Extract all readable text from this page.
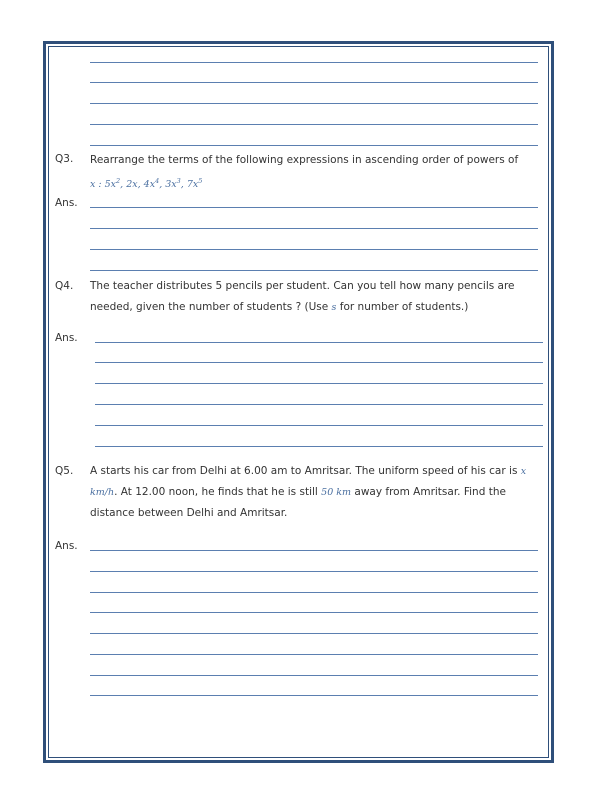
Q3. Rearrange the terms of the following expressions in ascending order of powers of
x : $5x^2$, 2x, $4x^4$, $3x^3$, $7x^5$
Ans.
Q4. The teacher distributes 5 pencils per student. Can you tell how many pencils are
needed, given the number of students ? (Use s for number of students.)
Ans.
Q5. A starts his car from Delhi at 6.00 am to Amritsar. The uniform speed of his car is x
km/h. At 12.00 noon, he finds that he is still 50 km away from Amritsar. Find the
distance between Delhi and Amritsar.
Ans.
